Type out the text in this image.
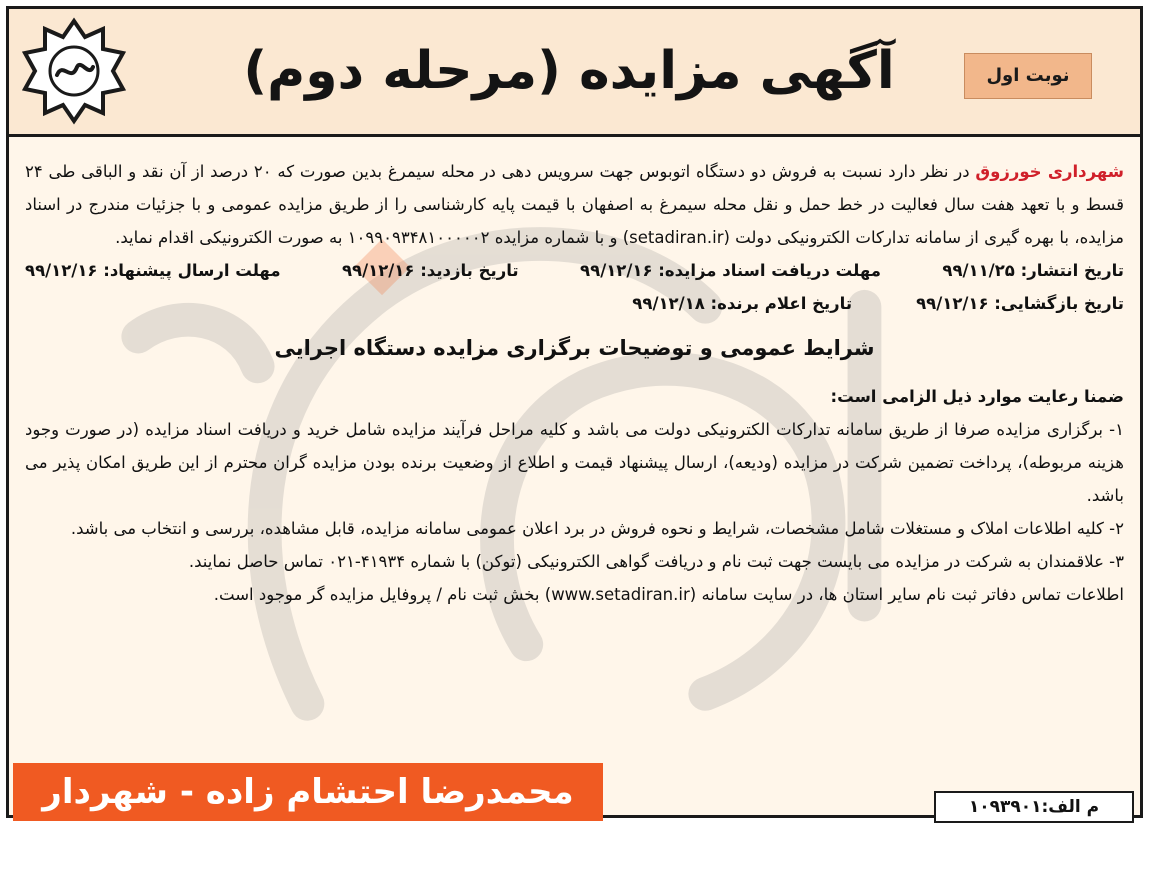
آگهی مزایده (مرحله دوم)	نوبت اول

شهرداری خورزوق در نظر دارد نسبت به فروش دو دستگاه اتوبوس جهت سرویس دهی در محله سیمرغ بدین صورت که ۲۰ درصد از آن نقد و الباقی طی ۲۴ قسط و با تعهد هفت سال فعالیت در خط حمل و نقل محله سیمرغ به اصفهان با قیمت پایه کارشناسی را از طریق مزایده عمومی و با جزئیات مندرج در اسناد مزایده، با بهره گیری از سامانه تدارکات الکترونیکی دولت (setadiran.ir) و با شماره مزایده ۱۰۹۹۰۹۳۴۸۱۰۰۰۰۰۲ به صورت الکترونیکی اقدام نماید.

تاریخ انتشار: ۹۹/۱۱/۲۵
مهلت دریافت اسناد مزایده: ۹۹/۱۲/۱۶
تاریخ بازدید: ۹۹/۱۲/۱۶
مهلت ارسال پیشنهاد: ۹۹/۱۲/۱۶
تاریخ بازگشایی: ۹۹/۱۲/۱۶
تاریخ اعلام برنده: ۹۹/۱۲/۱۸
شرایط عمومی و توضیحات برگزاری مزایده دستگاه اجرایی

ضمنا رعایت موارد ذیل الزامی است:

۱- برگزاری مزایده صرفا از طریق سامانه تدارکات الکترونیکی دولت می باشد و کلیه مراحل فرآیند مزایده شامل خرید و دریافت اسناد مزایده (در صورت وجود هزینه مربوطه)، پرداخت تضمین شرکت در مزایده (ودیعه)، ارسال پیشنهاد قیمت و اطلاع از وضعیت برنده بودن مزایده گران محترم از این طریق امکان پذیر می باشد.

۲- کلیه اطلاعات املاک و مستغلات شامل مشخصات، شرایط و نحوه فروش در برد اعلان عمومی سامانه مزایده، قابل مشاهده، بررسی و انتخاب می باشد.

۳- علاقمندان به شرکت در مزایده می بایست جهت ثبت نام و دریافت گواهی الکترونیکی (توکن) با شماره ۴۱۹۳۴-۰۲۱ تماس حاصل نمایند.

اطلاعات تماس دفاتر ثبت نام سایر استان ها، در سایت سامانه (www.setadiran.ir) بخش ثبت نام / پروفایل مزایده گر موجود است.

محمدرضا احتشام زاده - شهردار خورزوق
م الف:۱۰۹۳۹۰۱
